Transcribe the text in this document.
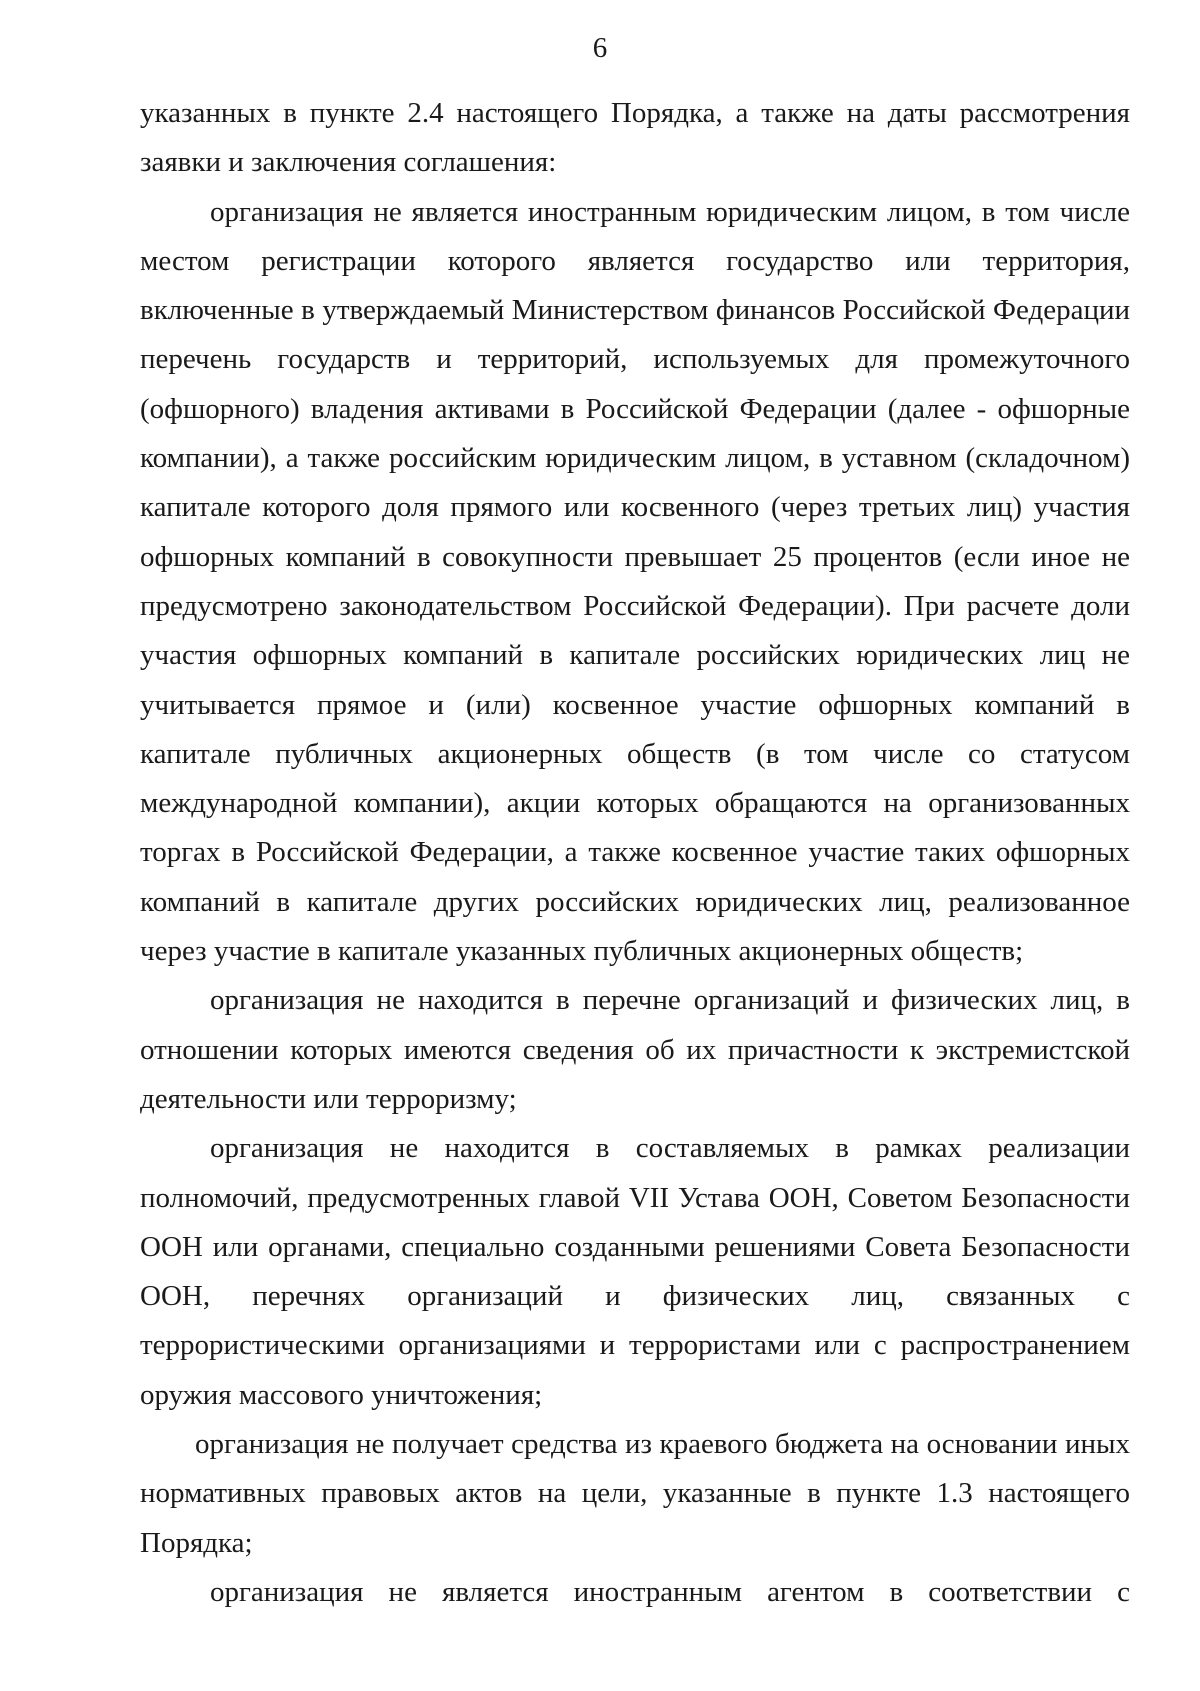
6

указанных в пункте 2.4 настоящего Порядка, а также на даты рассмотрения заявки и заключения соглашения:

организация не является иностранным юридическим лицом, в том числе местом регистрации которого является государство или территория, включенные в утверждаемый Министерством финансов Российской Федерации перечень государств и территорий, используемых для промежуточного (офшорного) владения активами в Российской Федерации (далее - офшорные компании), а также российским юридическим лицом, в уставном (складочном) капитале которого доля прямого или косвенного (через третьих лиц) участия офшорных компаний в совокупности превышает 25 процентов (если иное не предусмотрено законодательством Российской Федерации). При расчете доли участия офшорных компаний в капитале российских юридических лиц не учитывается прямое и (или) косвенное участие офшорных компаний в капитале публичных акционерных обществ (в том числе со статусом международной компании), акции которых обращаются на организованных торгах в Российской Федерации, а также косвенное участие таких офшорных компаний в капитале других российских юридических лиц, реализованное через участие в капитале указанных публичных акционерных обществ;

организация не находится в перечне организаций и физических лиц, в отношении которых имеются сведения об их причастности к экстремистской деятельности или терроризму;

организация не находится в составляемых в рамках реализации полномочий, предусмотренных главой VII Устава ООН, Советом Безопасности ООН или органами, специально созданными решениями Совета Безопасности ООН, перечнях организаций и физических лиц, связанных с террористическими организациями и террористами или с распространением оружия массового уничтожения;

организация не получает средства из краевого бюджета на основании иных нормативных правовых актов на цели, указанные в пункте 1.3 настоящего Порядка;

организация не является иностранным агентом в соответствии с
